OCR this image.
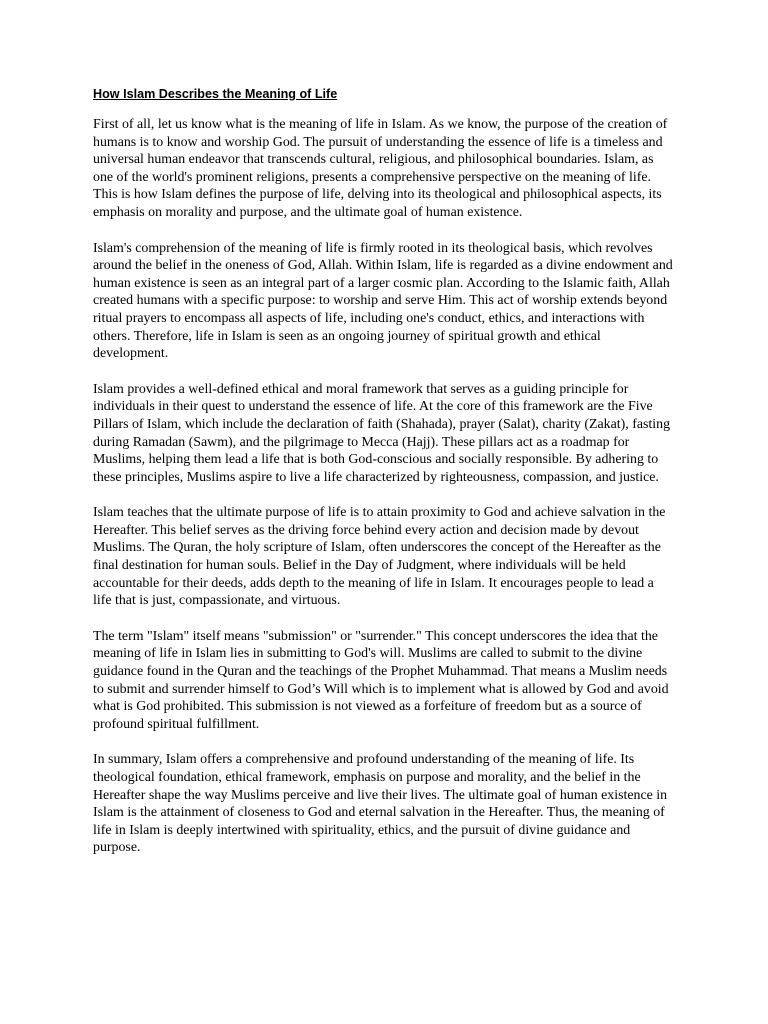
How Islam Describes the Meaning of Life

First of all, let us know what is the meaning of life in Islam. As we know, the purpose of the creation of humans is to know and worship God. The pursuit of understanding the essence of life is a timeless and universal human endeavor that transcends cultural, religious, and philosophical boundaries. Islam, as one of the world's prominent religions, presents a comprehensive perspective on the meaning of life. This is how Islam defines the purpose of life, delving into its theological and philosophical aspects, its emphasis on morality and purpose, and the ultimate goal of human existence.

Islam's comprehension of the meaning of life is firmly rooted in its theological basis, which revolves around the belief in the oneness of God, Allah. Within Islam, life is regarded as a divine endowment and human existence is seen as an integral part of a larger cosmic plan. According to the Islamic faith, Allah created humans with a specific purpose: to worship and serve Him. This act of worship extends beyond ritual prayers to encompass all aspects of life, including one's conduct, ethics, and interactions with others. Therefore, life in Islam is seen as an ongoing journey of spiritual growth and ethical development.

Islam provides a well-defined ethical and moral framework that serves as a guiding principle for individuals in their quest to understand the essence of life. At the core of this framework are the Five Pillars of Islam, which include the declaration of faith (Shahada), prayer (Salat), charity (Zakat), fasting during Ramadan (Sawm), and the pilgrimage to Mecca (Hajj). These pillars act as a roadmap for Muslims, helping them lead a life that is both God-conscious and socially responsible. By adhering to these principles, Muslims aspire to live a life characterized by righteousness, compassion, and justice.

Islam teaches that the ultimate purpose of life is to attain proximity to God and achieve salvation in the Hereafter. This belief serves as the driving force behind every action and decision made by devout Muslims. The Quran, the holy scripture of Islam, often underscores the concept of the Hereafter as the final destination for human souls. Belief in the Day of Judgment, where individuals will be held accountable for their deeds, adds depth to the meaning of life in Islam. It encourages people to lead a life that is just, compassionate, and virtuous.

The term "Islam" itself means "submission" or "surrender." This concept underscores the idea that the meaning of life in Islam lies in submitting to God's will. Muslims are called to submit to the divine guidance found in the Quran and the teachings of the Prophet Muhammad. That means a Muslim needs to submit and surrender himself to God’s Will which is to implement what is allowed by God and avoid what is God prohibited. This submission is not viewed as a forfeiture of freedom but as a source of profound spiritual fulfillment.

In summary, Islam offers a comprehensive and profound understanding of the meaning of life. Its theological foundation, ethical framework, emphasis on purpose and morality, and the belief in the Hereafter shape the way Muslims perceive and live their lives. The ultimate goal of human existence in Islam is the attainment of closeness to God and eternal salvation in the Hereafter. Thus, the meaning of life in Islam is deeply intertwined with spirituality, ethics, and the pursuit of divine guidance and purpose.
